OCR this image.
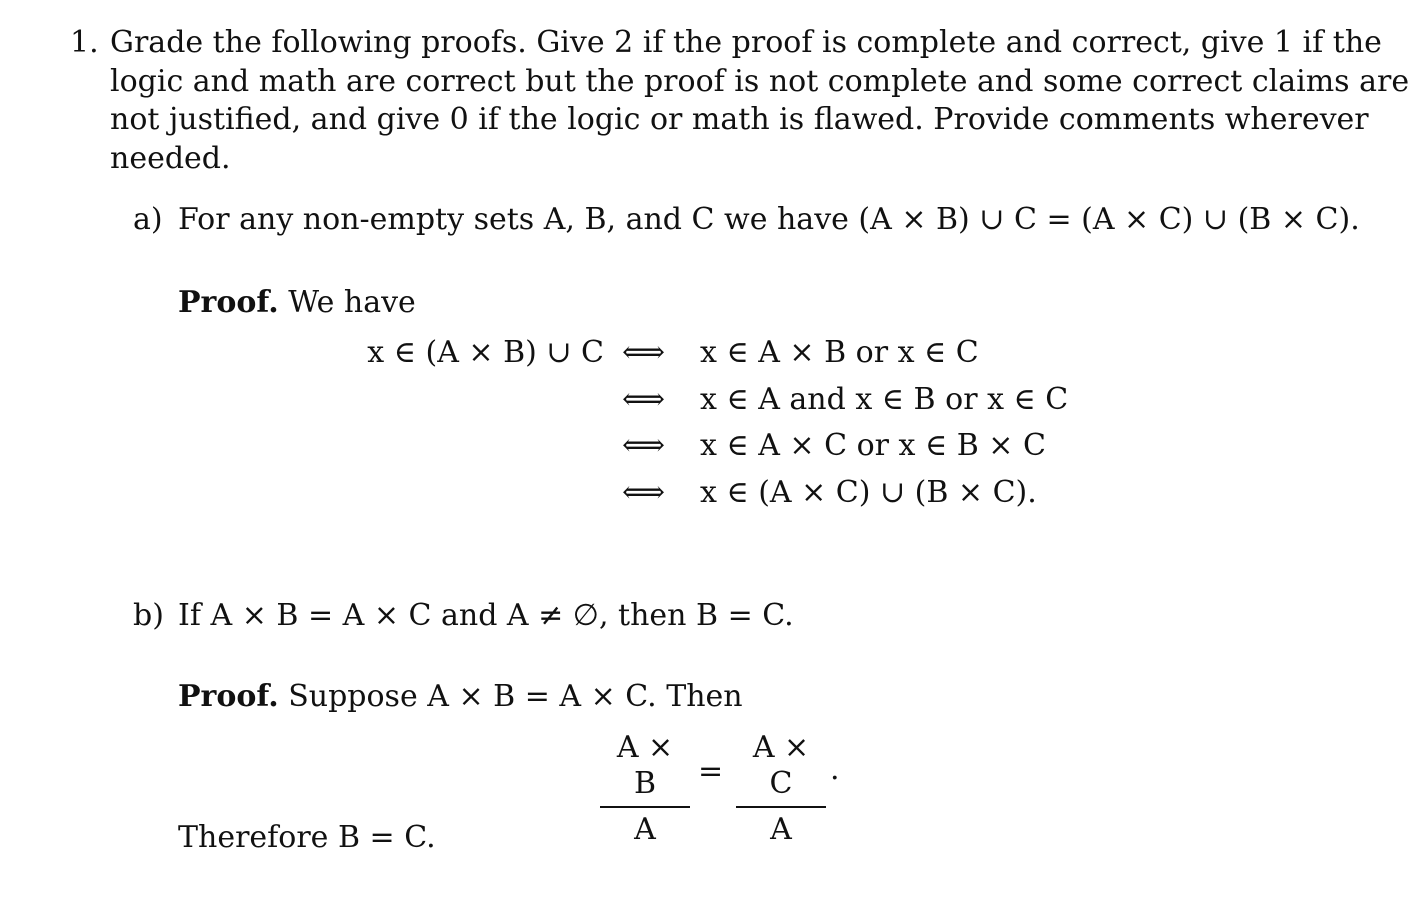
1. Grade the following proofs. Give 2 if the proof is complete and correct, give 1 if the
logic and math are correct but the proof is not complete and some correct claims are
not justified, and give 0 if the logic or math is flawed. Provide comments wherever
needed.
a) For any non-empty sets A, B, and C we have (A × B) ∪ C = (A × C) ∪ (B × C).
Proof. We have
x ∈ (A × B) ∪ C ⟺ x ∈ A × B or x ∈ C
⟺ x ∈ A and x ∈ B or x ∈ C
⟺ x ∈ A × C or x ∈ B × C
⟺ x ∈ (A × C) ∪ (B × C).
b) If A × B = A × C and A ≠ ∅, then B = C.
Proof. Suppose A × B = A × C. Then
A × B
A
=
A × C
A
.
Therefore B = C.
